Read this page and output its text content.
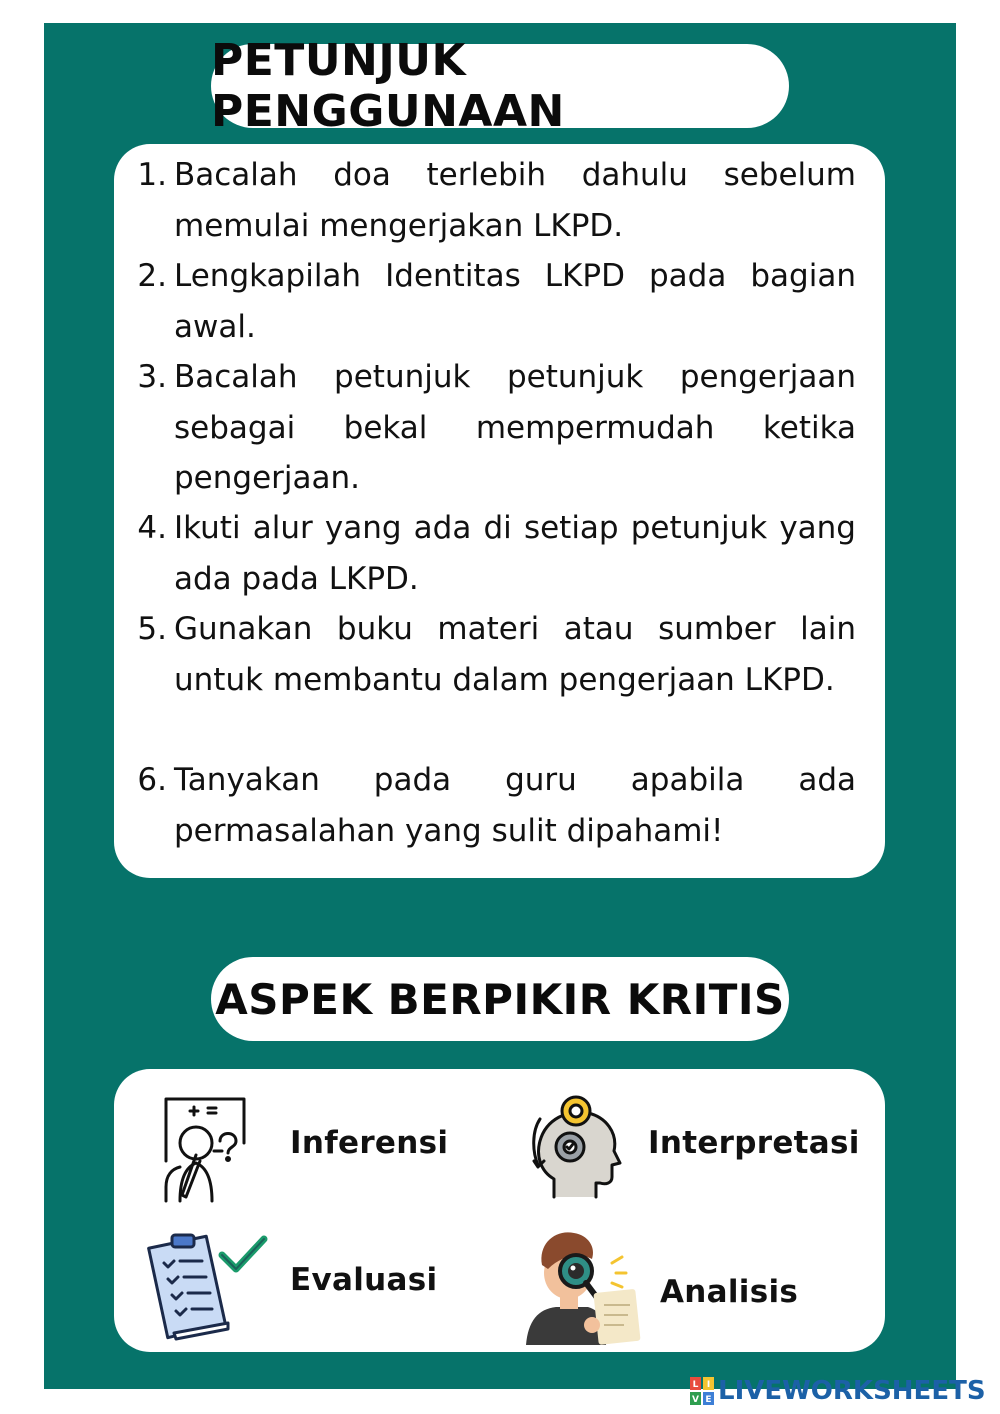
PETUNJUK PENGGUNAAN
1. Bacalah doa terlebih dahulu sebelum memulai mengerjakan LKPD.
2. Lengkapilah Identitas LKPD pada bagian awal.
3. Bacalah petunjuk petunjuk pengerjaan sebagai bekal mempermudah ketika pengerjaan.
4. Ikuti alur yang ada di setiap petunjuk yang ada pada LKPD.
5. Gunakan buku materi atau sumber lain untuk membantu dalam pengerjaan LKPD.
6. Tanyakan pada guru apabila ada permasalahan yang sulit dipahami!
ASPEK BERPIKIR KRITIS
Inferensi	Interpretasi
Evaluasi	Analisis
L I
V E LIVEWORKSHEETS
